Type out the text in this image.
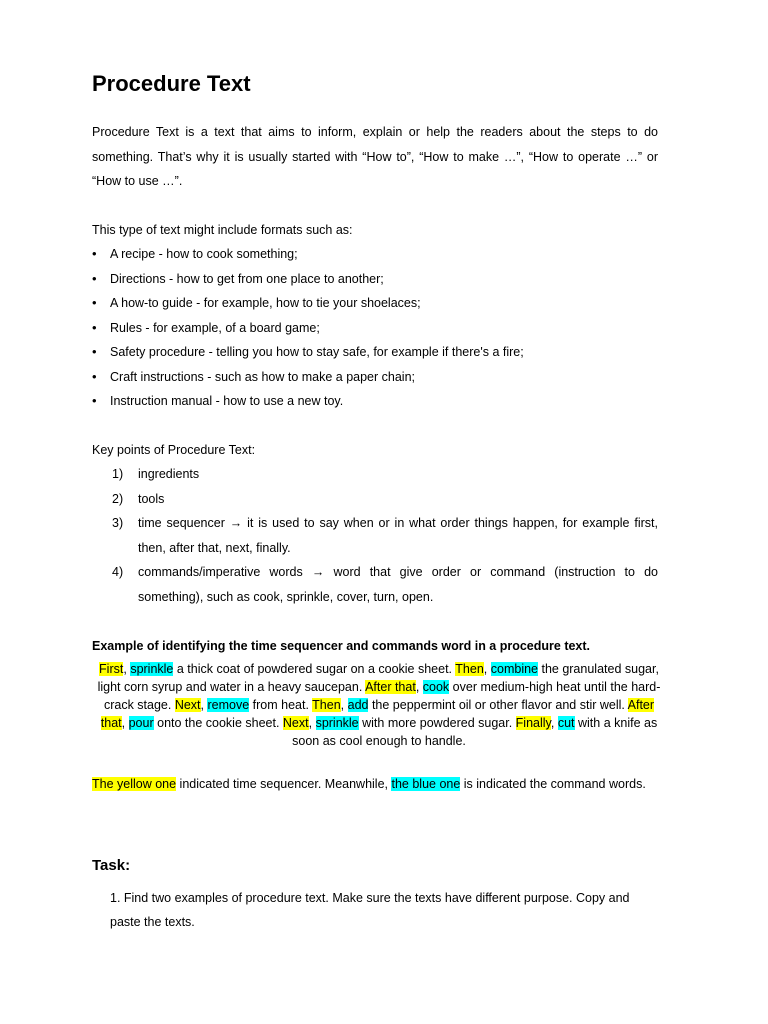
Procedure Text

Procedure Text is a text that aims to inform, explain or help the readers about the steps to do something. That’s why it is usually started with “How to”, “How to make …”, “How to operate …” or “How to use …”.

This type of text might include formats such as:

• A recipe - how to cook something;
• Directions - how to get from one place to another;
• A how-to guide - for example, how to tie your shoelaces;
• Rules - for example, of a board game;
• Safety procedure - telling you how to stay safe, for example if there's a fire;
• Craft instructions - such as how to make a paper chain;
• Instruction manual - how to use a new toy.

Key points of Procedure Text:

1) ingredients
2) tools
3) time sequencer → it is used to say when or in what order things happen, for example first, then, after that, next, finally.
4) commands/imperative words → word that give order or command (instruction to do something), such as cook, sprinkle, cover, turn, open.

Example of identifying the time sequencer and commands word in a procedure text.

First, sprinkle a thick coat of powdered sugar on a cookie sheet. Then, combine the granulated sugar, light corn syrup and water in a heavy saucepan. After that, cook over medium-high heat until the hard-crack stage. Next, remove from heat. Then, add the peppermint oil or other flavor and stir well. After that, pour onto the cookie sheet. Next, sprinkle with more powdered sugar. Finally, cut with a knife as soon as cool enough to handle.

The yellow one indicated time sequencer. Meanwhile, the blue one is indicated the command words.

Task:

1. Find two examples of procedure text. Make sure the texts have different purpose. Copy and paste the texts.
